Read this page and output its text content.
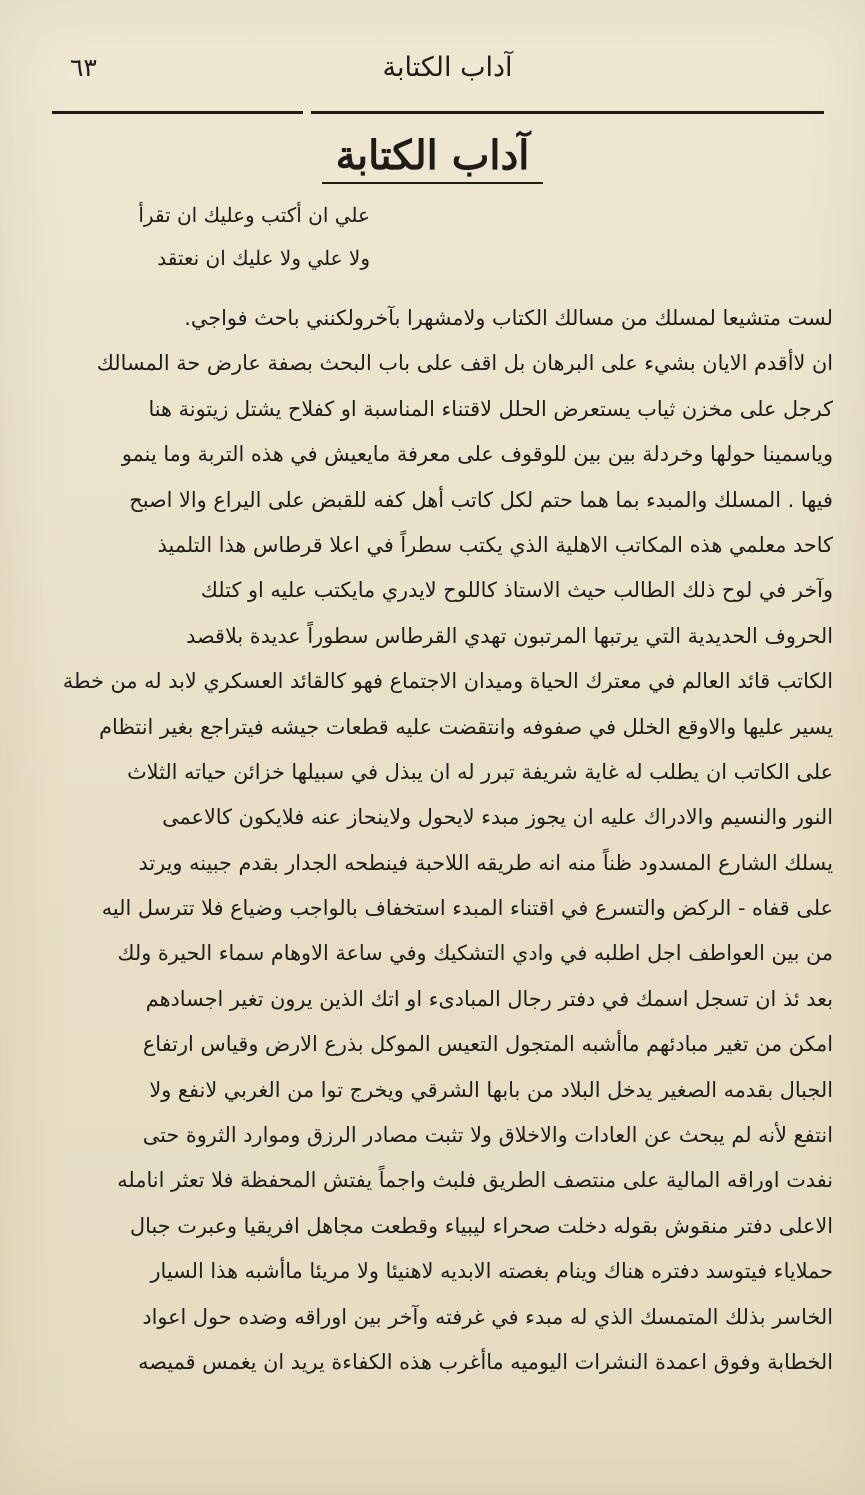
آداب الكتابة
٦٣
آداب الكتابة
علي ان أكتب وعليك ان تقرأ
ولا علي ولا عليك ان نعتقد
لست متشيعا لمسلك من مسالك الكتاب ولامشهرا بآخرولكنني باحث فواجي.
ان لاأقدم الايان بشيء على البرهان بل اقف على باب البحث بصفة عارض حة المسالك
كرجل على مخزن ثياب يستعرض الحلل لاقتناء المناسبة او كفلاح يشتل زيتونة هنا
وياسمينا حولها وخردلة بين بين للوقوف على معرفة مايعيش في هذه التربة وما ينمو
فيها . المسلك والمبدء بما هما حتم لكل كاتب أهل كفه للقبض على اليراع والا اصبح
كاحد معلمي هذه المكاتب الاهلية الذي يكتب سطراً في اعلا قرطاس هذا التلميذ
وآخر في لوح ذلك الطالب حيث الاستاذ كاللوح لايدري مايكتب عليه او كتلك
الحروف الحديدية التي يرتبها المرتبون تهدي القرطاس سطوراً عديدة بلاقصد
الكاتب قائد العالم في معترك الحياة وميدان الاجتماع فهو كالقائد العسكري لابد له من خطة
يسير عليها والاوقع الخلل في صفوفه وانتقضت عليه قطعات جيشه فيتراجع بغير انتظام
على الكاتب ان يطلب له غاية شريفة تبرر له ان يبذل في سبيلها خزائن حياته الثلاث
النور والنسيم والادراك عليه ان يجوز مبدء لايحول ولاينحاز عنه فلايكون كالاعمى
يسلك الشارع المسدود ظناً منه انه طريقه اللاحبة فينطحه الجدار بقدم جبينه ويرتد
على قفاه - الركض والتسرع في اقتناء المبدء استخفاف بالواجب وضياع فلا تترسل اليه
من بين العواطف اجل اطلبه في وادي التشكيك وفي ساعة الاوهام سماء الحيرة ولك
بعد ئذ ان تسجل اسمك في دفتر رجال المبادىء او اتك الذين يرون تغير اجسادهم
امكن من تغير مبادئهم ماأشبه المتجول التعيس الموكل بذرع الارض وقياس ارتفاع
الجبال بقدمه الصغير يدخل البلاد من بابها الشرقي ويخرج توا من الغربي لانفع ولا
انتفع لأنه لم يبحث عن العادات والاخلاق ولا تثبت مصادر الرزق وموارد الثروة حتى
نفدت اوراقه المالية على منتصف الطريق فلبث واجماً يفتش المحفظة فلا تعثر انامله
الاعلى دفتر منقوش بقوله دخلت صحراء ليبياء وقطعت مجاهل افريقيا وعبرت جبال
حملاياء فيتوسد دفتره هناك وينام بغصته الابديه لاهنيئا ولا مريئا ماأشبه هذا السيار
الخاسر بذلك المتمسك الذي له مبدء في غرفته وآخر بين اوراقه وضده حول اعواد
الخطابة وفوق اعمدة النشرات اليوميه ماأغرب هذه الكفاءة يريد ان يغمس قميصه
